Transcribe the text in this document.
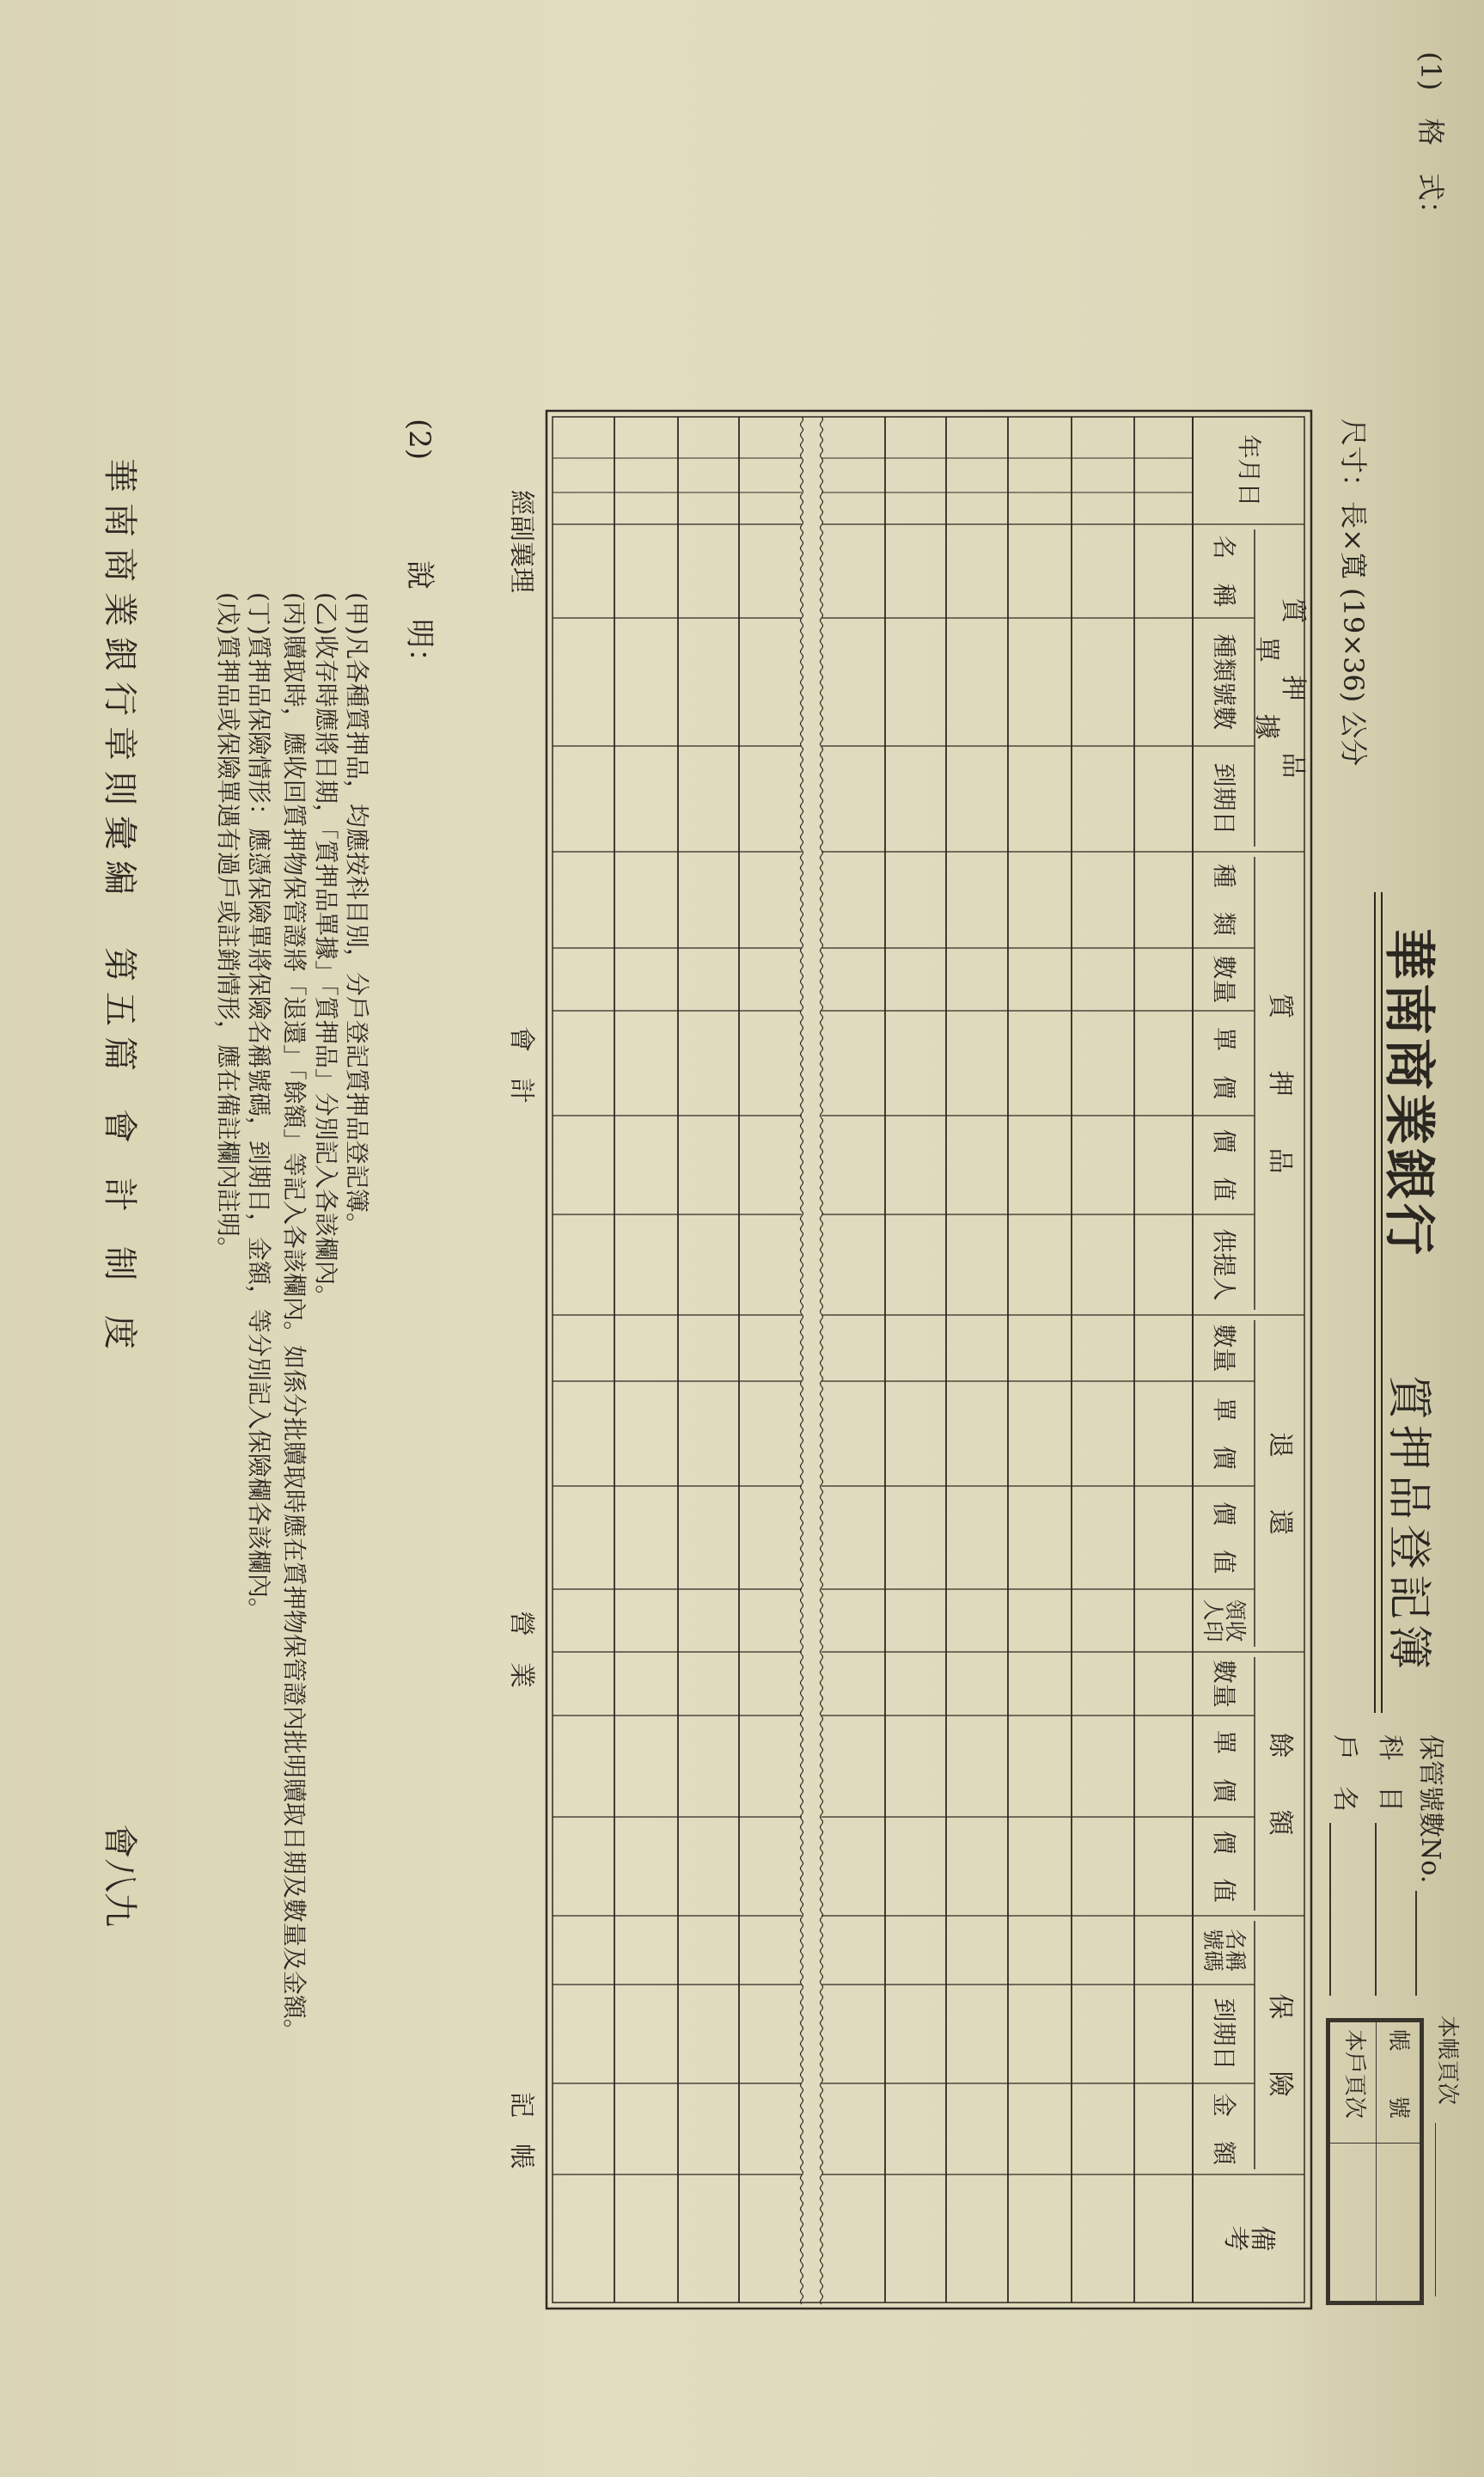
(1)　格　式：
尺寸：長×寬 (19×36) 公分
華南商業銀行
質押品登記簿
保管號數No.
科　目
戶　名
本帳頁次
帳　　號
本戶頁次
年月日
備　考
質押品單據
名　稱
種類號數
到期日
質押品
種　類
數量
單　價
價　值
供提人
退還
數量
單　價
價　值
領收人印
餘額
數量
單　價
價　值
保險
名稱號碼
到期日
金　額
經副襄理
會　計
營　業
記　帳
(2)
說　明：
(甲)凡各種質押品，均應按科目別，分戶登記質押品登記簿。
(乙)收存時應將日期，「質押品單據」「質押品」分別記入各該欄內。
(丙)贖取時，應收回質押物保管證將「退還」「餘額」等記入各該欄內。如係分批贖取時應在質押物保管證內批明贖取日期及數量及金額。
(丁)質押品保險情形：應憑保險單將保險名稱號碼，到期日，金額，等分別記入保險欄各該欄內。
(戊)質押品或保險單遇有過戶或註銷情形，應在備註欄內註明。
華南商業銀行章則彙編
第五篇
會　計　制　度
會八九
